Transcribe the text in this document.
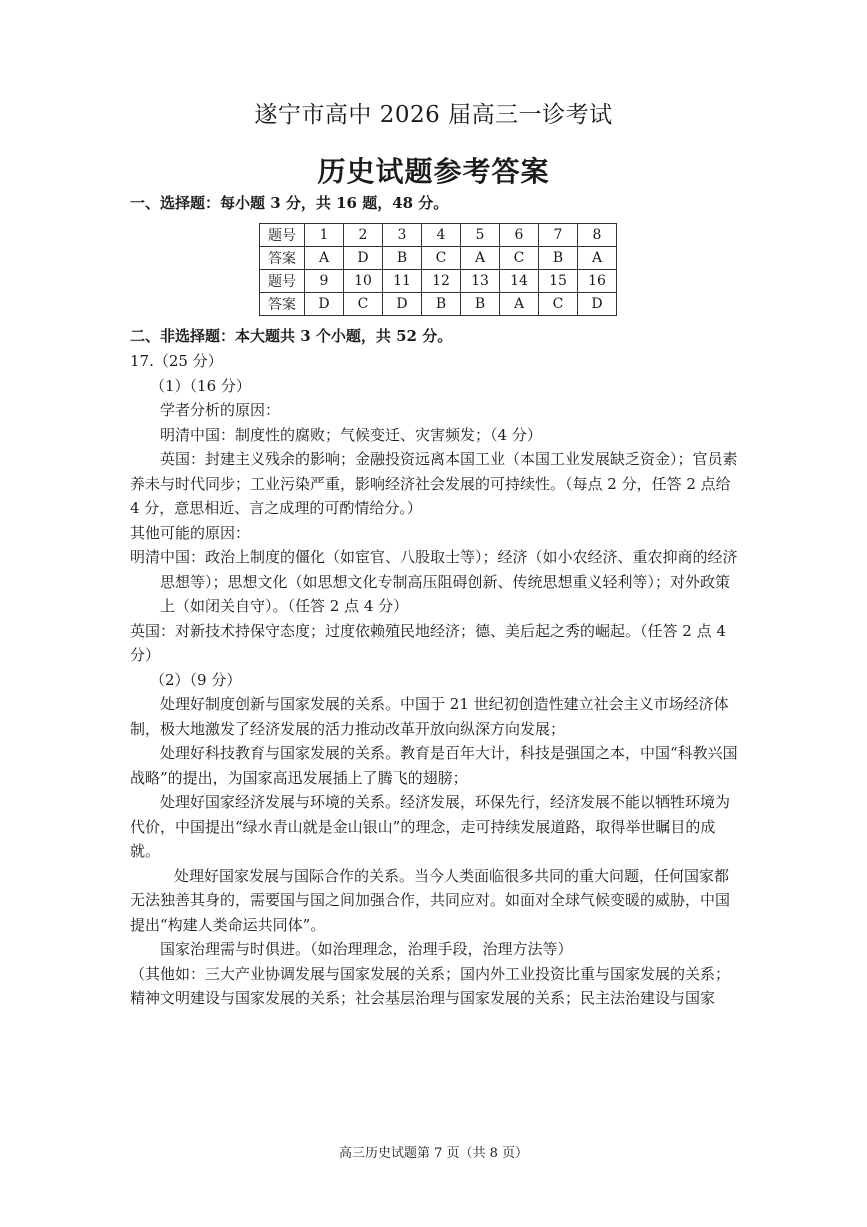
遂宁市高中 2026 届高三一诊考试
历史试题参考答案
一、选择题：每小题 3 分，共 16 题，48 分。
题号	1	2	3	4	5	6	7	8
答案	A	D	B	C	A	C	B	A
题号	9	10	11	12	13	14	15	16
答案	D	C	D	B	B	A	C	D
二、非选择题：本大题共 3 个小题，共 52 分。

17.（25 分）

（1）（16 分）

学者分析的原因：

明清中国：制度性的腐败；气候变迁、灾害频发；（4 分）

英国：封建主义残余的影响；金融投资远离本国工业（本国工业发展缺乏资金）；官员素养未与时代同步；工业污染严重，影响经济社会发展的可持续性。（每点 2 分，任答 2 点给 4 分，意思相近、言之成理的可酌情给分。）

其他可能的原因：

明清中国：政治上制度的僵化（如宦官、八股取士等）；经济（如小农经济、重农抑商的经济思想等）；思想文化（如思想文化专制高压阻碍创新、传统思想重义轻利等）；对外政策上（如闭关自守）。（任答 2 点 4 分）

英国：对新技术持保守态度；过度依赖殖民地经济；德、美后起之秀的崛起。（任答 2 点 4 分）

（2）（9 分）

处理好制度创新与国家发展的关系。中国于 21 世纪初创造性建立社会主义市场经济体制，极大地激发了经济发展的活力推动改革开放向纵深方向发展；

处理好科技教育与国家发展的关系。教育是百年大计，科技是强国之本，中国“科教兴国战略”的提出，为国家高迅发展插上了腾飞的翅膀；

处理好国家经济发展与环境的关系。经济发展，环保先行，经济发展不能以牺牲环境为代价，中国提出“绿水青山就是金山银山”的理念，走可持续发展道路，取得举世瞩目的成就。

处理好国家发展与国际合作的关系。当今人类面临很多共同的重大问题，任何国家都无法独善其身的，需要国与国之间加强合作，共同应对。如面对全球气候变暖的威胁，中国提出“构建人类命运共同体”。

国家治理需与时俱进。（如治理理念，治理手段，治理方法等）

（其他如：三大产业协调发展与国家发展的关系；国内外工业投资比重与国家发展的关系；精神文明建设与国家发展的关系；社会基层治理与国家发展的关系；民主法治建设与国家

高三历史试题第 7 页（共 8 页）
